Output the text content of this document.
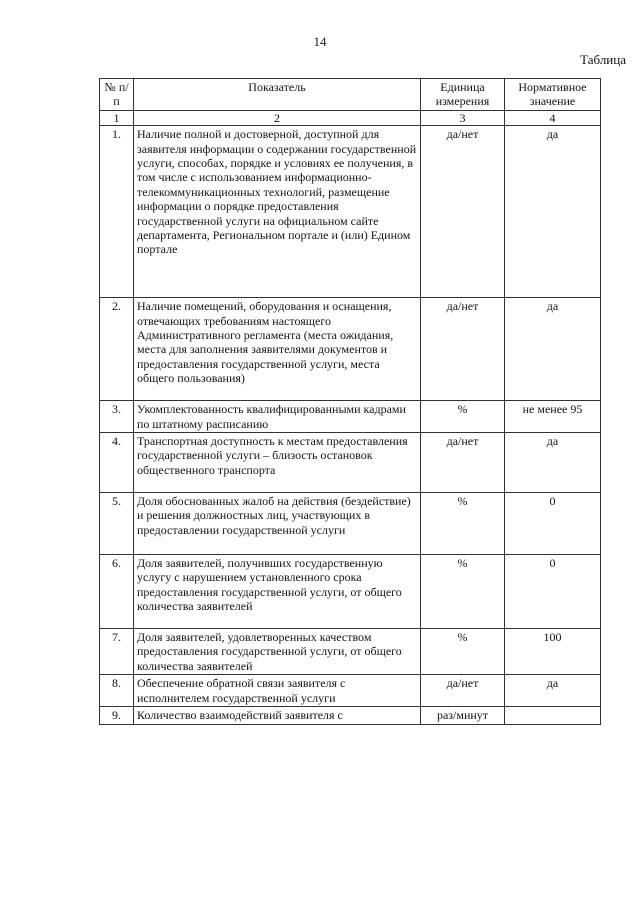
14
Таблица
№ п/п	Показатель	Единица измерения	Нормативное значение
1	2	3	4
1.	Наличие полной и достоверной, доступной для заявителя информации о содержании государственной услуги, способах, порядке и условиях ее получения, в том числе с использованием информационно-телекоммуникационных технологий, размещение информации о порядке предоставления государственной услуги на официальном сайте департамента, Региональном портале и (или) Едином портале	да/нет	да
2.	Наличие помещений, оборудования и оснащения, отвечающих требованиям настоящего Административного регламента (места ожидания, места для заполнения заявителями документов и предоставления государственной услуги, места общего пользования)	да/нет	да
3.	Укомплектованность квалифицированными кадрами по штатному расписанию	%	не менее 95
4.	Транспортная доступность к местам предоставления государственной услуги – близость остановок общественного транспорта	да/нет	да
5.	Доля обоснованных жалоб на действия (бездействие) и решения должностных лиц, участвующих в предоставлении государственной услуги	%	0
6.	Доля заявителей, получивших государственную услугу с нарушением установленного срока предоставления государственной услуги, от общего количества заявителей	%	0
7.	Доля заявителей, удовлетворенных качеством предоставления государственной услуги, от общего количества заявителей	%	100
8.	Обеспечение обратной связи заявителя с исполнителем государственной услуги	да/нет	да
9.	Количество взаимодействий заявителя с	раз/минут	
